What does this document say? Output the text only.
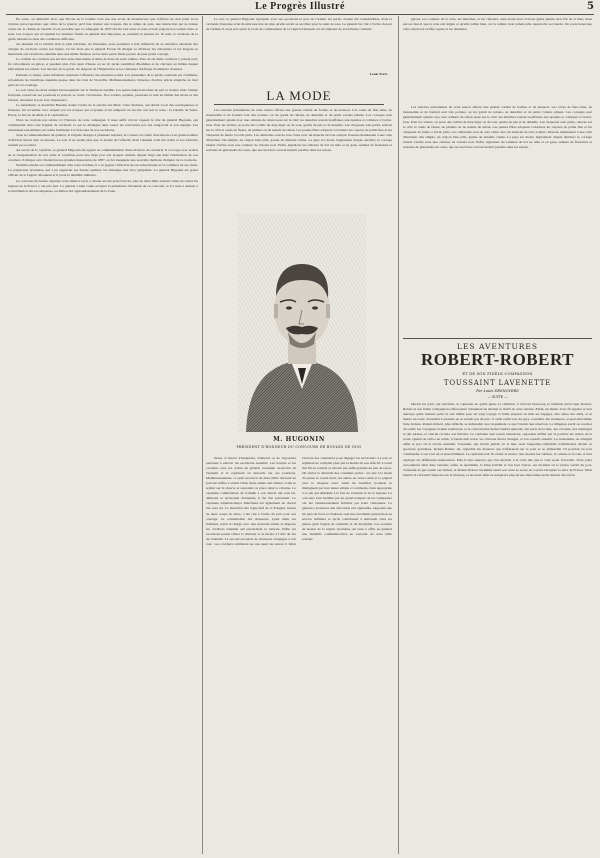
Le Progrès Illustré	5

En outre, on admettait alors que l'Ecole de la bataille n'est pas une école de manœuvres; que l'officier ne doit point avoir d'autres préoccupations que celles de la guerre; qu'il faut donner aux troupes, dès le temps de paix, une instruction qui ne puisse varier sur le champ de bataille. Il est probable que la campagne de 1870 eût été tout autre si nous avions préparé nos soldats dans ce sens. Les troupes qui occupaient les hauteurs furent en général mal disposées, et, pendant la journée du 16 août, la cavalerie de la garde manœuvra dans des conditions difficiles.

Au moment où la bataille était le plus acharnée, les Prussiens, pour permettre à leur infanterie de se reformer, lancèrent des charges de cavalerie contre nos lignes. Ce fut alors que le général Forton fit charger sa division; les cuirassiers et les dragons se heurtèrent aux escadrons ennemis dans une mêlée furieuse où les deux partis firent preuve du plus grand courage.

Le combat de cavalerie qui eut lieu entre Rezonville et Mars-la-Tour est resté célèbre. Près de six mille cavaliers y prirent part; ils s'abordèrent au galop, et pendant plus d'un quart d'heure on ne vit qu'un tourbillon d'hommes et de chevaux au milieu duquel étincelaient les sabres. Les lanciers de la garde, les dragons de l'Impératrice et les chasseurs d'Afrique rivalisèrent d'audace.

Pendant ce temps, notre infanterie reprenait l'offensive sur plusieurs points. Les grenadiers de la garde, soutenus par l'artillerie, refoulèrent les bataillons ennemis jusque dans les bois de Vionville. Malheureusement, l'absence d'ordres précis empêcha de tirer parti de cet avantage.

Le soir venu, les deux armées bivouaquèrent sur le champ de bataille. Les pertes étaient énormes de part et d'autre; mais l'armée française conservait ses positions et pouvait se croire victorieuse. Nos soldats, épuisés, passèrent la nuit au milieu des morts et des blessés, attendant le jour avec impatience.

Le lendemain, le maréchal Bazaine donna l'ordre de la retraite sur Metz. Cette décision, qui devait avoir des conséquences si funestes, fut accueillie avec stupeur par les troupes qui croyaient avoir remporté un succès. On sait le reste : la bataille de Saint-Privat, le blocus de Metz et la capitulation.

Nous ne voulons pas refaire ici l'histoire de cette campagne; il nous suffit d'avoir rappelé le rôle du général Hugonin, qui commandait alors une brigade de cavalerie et qui se distingua dans toutes les rencontres par son sang-froid et son énergie. Les Allemands eux-mêmes ont rendu hommage à la bravoure de nos escadrons.

Sous le commandement du général, la brigade chargea à plusieurs reprises; le colonel, les chefs d'escadrons et un grand nombre d'officiers furent tués ou blessés. Le soir, il ne restait plus que la moitié de l'effectif; mais l'ennemi avait été arrêté et nos batteries avaient pu se retirer.

Au retour de la captivité, le général Hugonin fut appelé au commandement d'une division de cavalerie. Il s'occupa avec ardeur de la réorganisation de son arme et contribua pour une large part aux progrès réalisés depuis vingt ans dans l'instruction de nos cavaliers. Il dirigea avec distinction les grandes manœuvres de 1887, où fut inaugurée une nouvelle méthode d'emploi de la cavalerie.

Nommé ensuite au commandement d'un corps d'armée, il a su gagner l'affection de ses subordonnés et la confiance de ses chefs. La population lyonnaise, qui a pu apprécier ses hautes qualités, lui témoigne une vive sympathie. Le général Hugonin est grand officier de la Légion d'honneur et il porte la médaille militaire.

Le concours de boules organisé cette année à Lyon a obtenu un très grand succès; plus de deux mille joueurs venus de toutes les régions de la France y ont pris part. Le général a bien voulu accepter la présidence d'honneur de ce concours, et il a tenu à assister à la distribution des récompenses, au milieu des applaudissements de la foule.

Le soir, le général Hugonin rejoignait avec ses escadrons le gros de l'armée; les pertes avaient été considérables, mais la cavalerie française avait montré une fois de plus qu'elle savait se sacrifier pour le salut de tous. Le général fut cité à l'ordre du jour de l'armée; il reçut peu après la croix de commandeur de la Légion d'honneur en récompense de sa brillante conduite.

Louis Yvert.
LA MODE

Les toilettes printanières de cette saison offrent une grande variété de formes et de nuances. Les robes de fine laine, de mousseline et de foulard sont très portées; on les garnit de rubans, de dentelles et de petits volants plissés. Les corsages sont généralement ajustés avec une ceinture de ruban noué sur le côté; les manches restent bouffantes aux épaules et collantes à l'avant-bras. Pour les visites, on porte des collets de drap léger ou de soie, garnis de jais et de dentelle. Les chapeaux sont petits, relevés sur le côté et ornés de fleurs, de plumes ou de nœuds de ruban. Les jeunes filles adoptent volontiers les capotes de paille fine et les chapeaux de feutre à bords plats. Les ombrelles sont de soie claire avec un manche de bois sculpté. Passons maintenant à une robe d'intérieur très simple, en crépon bleu pâle, garnie de dentelle crème. La jupe est droite, légèrement drapée derrière; le corsage blousé s'arrête sous une ceinture de velours noir. Enfin, signalons les toilettes de bal en tulle et en gaze, semées de fleurettes et relevées de guirlandes de roses, que nos lectrices verront bientôt paraître dans les salons.

galons, les couleurs de la robe, les manches, et les cheveux, sans doute nous n'avons guère jamais rien fait de si bien; mais encore faut-il que la robe soit légère et qu'elle tombe bien, car la toilette n'est jamais jolie quand elle est lourde. On porte beaucoup cette saison les étoffes rayées et les dentelles.

Les toilettes printanières de cette saison offrent une grande variété de formes et de nuances. Les robes de fine laine, de mousseline et de foulard sont très portées; on les garnit de rubans, de dentelles et de petits volants plissés. Les corsages sont généralement ajustés avec une ceinture de ruban noué sur le côté; les manches restent bouffantes aux épaules et collantes à l'avant-bras. Pour les visites, on porte des collets de drap léger ou de soie, garnis de jais et de dentelle. Les chapeaux sont petits, relevés sur le côté et ornés de fleurs, de plumes ou de nœuds de ruban. Les jeunes filles adoptent volontiers les capotes de paille fine et les chapeaux de feutre à bords plats. Les ombrelles sont de soie claire avec un manche de bois sculpté. Passons maintenant à une robe d'intérieur très simple, en crépon bleu pâle, garnie de dentelle crème. La jupe est droite, légèrement drapée derrière; le corsage blousé s'arrête sous une ceinture de velours noir. Enfin, signalons les toilettes de bal en tulle et en gaze, semées de fleurettes et relevées de guirlandes de roses, que nos lectrices verront bientôt paraître dans les salons.

M. HUGONIN
PRÉSIDENT D'HONNEUR DU CONCOURS DE BOULES DE 1892

rières, il furent d'intrépides, d'enlevés et de vigoureux partisans à enlever les escadrons ennemis. Les troupes et les cavaliers sous les ordres du général coururent au-devant de l'ennemi et le rejetèrent en désordre sur ses positions. Malheureusement, ce petit escadron de deux mille chevaux ne pouvait suffire à arrêter l'élan d'une armée tout entière; il dut se replier sur la réserve et reprendre sa place dans la colonne. Le capitaine commandant de Camille à son cheval tué sous lui, démonté et environné d'ennemis, il fut fait prisonnier. Le capitaine adjudant-major Marchand eut également un cheval tué sous lui. Le maréchal des logis-chef de la Fougère, blessé de deux coups de sabre, a été cité à l'ordre du jour pour son courage. Le commandant des chasseurs, ayant réuni ses hommes, reprit la charge avec une nouvelle ardeur et dispersa les cavaliers ennemis qui entouraient la batterie. Enfin les escadrons purent rallier la division et se mettre à l'abri du feu de l'ennemi. Le second escadron de chasseurs s'engagea à son tour : ses cavaliers tombèrent les uns après les autres; il fallut l'arrivée des cuirassiers pour dégager les survivants. Le soir, le régiment ne comptait plus que la moitié de son effectif. La nuit mit fin au combat et chacun put enfin prendre un peu de repos. On relève la diversité des costumes portés : les uns à la mode du passé, le coude droit, les autres en veste ronde et la plupart avec le chapeau rond. Ainsi les boulistes lyonnais se distinguent par leur tenue simple et commode, bien appropriée à ce jeu qui demande à la fois de l'adresse et de la vigueur. Le concours s'est terminé par un grand banquet où les vainqueurs ont été chaleureusement félicités par leurs camarades. Le général a prononcé une allocution très applaudie, rappelant que les jeux de force et d'adresse sont une excellente préparation au service militaire et qu'ils contribuent à entretenir chez les jeunes gens l'esprit de solidarité et de discipline. Les sociétés de boules de la région lyonnaise ont tenu à offrir au général une médaille commémorative en souvenir de cette belle journée.

LES AVENTURES
ROBERT-ROBERT
ET DE SON FIDÈLE COMPAGNON
TOUSSAINT LAVENETTE
Par Louis DESNOYERS
— SUITE —

Durant les jours qui suivirent, le capitaine ne quitta guère sa chambre; il écrivait beaucoup et semblait préoccupé. Robert-Robert et son fidèle compagnon s'efforçaient vainement de deviner le motif de cette retraite. Enfin, un matin, il les fit appeler et leur annonça qu'ils allaient partir le soir même pour un long voyage. Il fallut préparer en hâte les bagages, dire adieu aux amis, et se mettre en route. Toussaint Lavenette ne se sentait pas de joie : il allait enfin voir du pays, connaître des aventures, et peut-être même faire fortune. Robert-Robert, plus réfléchi, se demandait avec inquiétude ce que l'avenir leur réservait. La diligence partit au coucher du soleil; les voyageurs étaient nombreux, et la conversation devint bientôt générale. On parla de la mer, des colonies, des naufrages et des pirates, et chacun raconta son histoire. Le capitaine seul restait silencieux, regardant défiler par la portière les arbres de la route. Quand on arriva au relais, il faisait nuit noire; les chevaux furent changés, et l'on repartit aussitôt. Le lendemain, on atteignit enfin le port où le navire attendait. Toussaint, qui n'avait jamais vu la mer, resta longtemps immobile d'admiration devant ce spectacle grandiose. Robert-Robert, lui, regardait les matelots qui s'affairaient sur le pont et se demandait s'il pourrait un jour commander à son tour un si beau bâtiment. Le capitaine leur fit visiter le navire, leur montra les cabines, la cuisine et la cale, et leur expliqua les différentes manœuvres. Puis il leur annonça que l'on mettrait à la voile dès que le vent serait favorable. Trois jours s'écoulèrent ainsi dans l'attente; enfin, le quatrième, la brise fraîchit et l'on leva l'ancre. Au moment où le navire sortait du port, Toussaint ne put retenir ses larmes, et Robert-Robert lui-même sentit son cœur se serrer en voyant s'éloigner la terre de France. Mais bientôt la curiosité l'emporta sur la tristesse, et les deux amis ne songèrent plus qu'aux merveilles qu'ils allaient découvrir.
